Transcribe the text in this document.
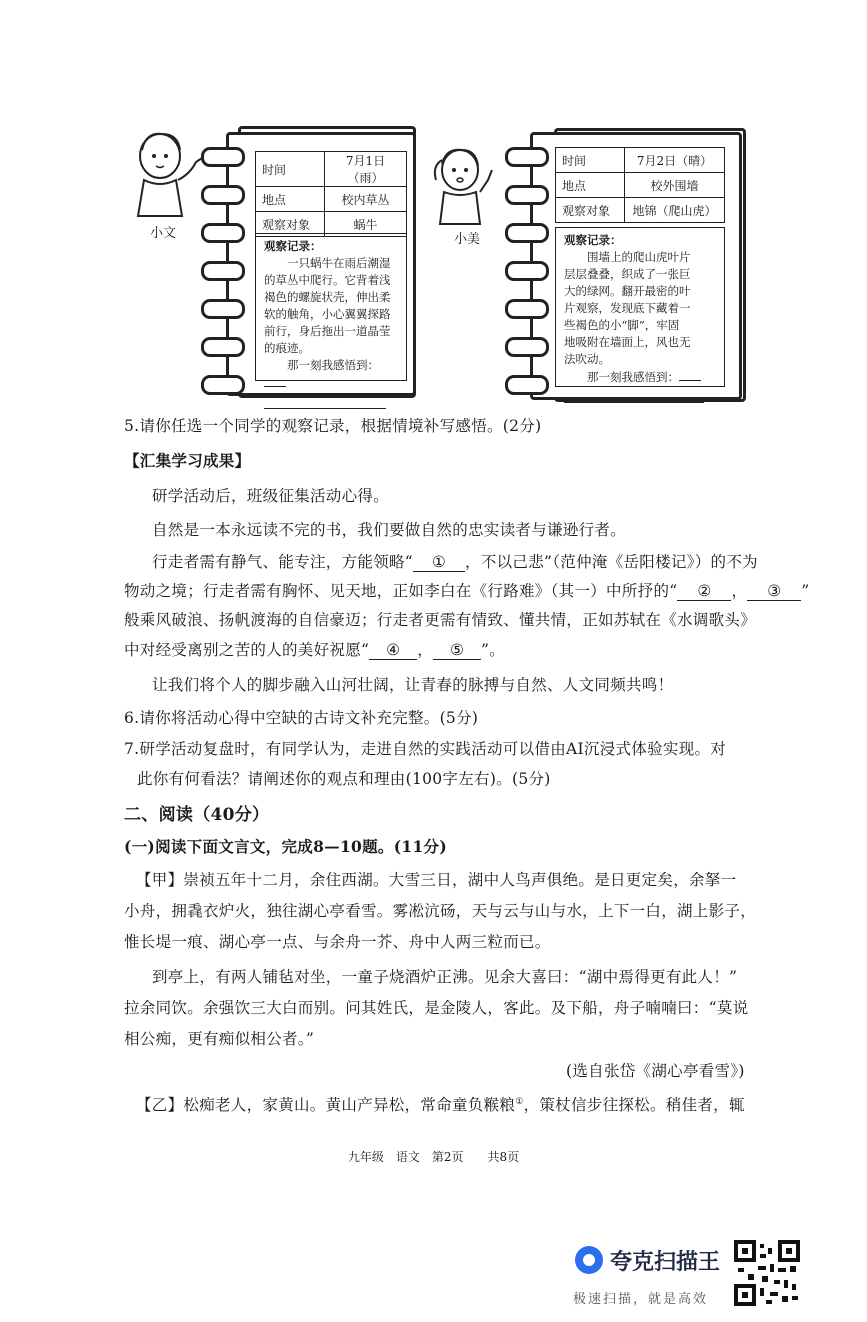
小文
时间	7月1日（雨）
地点	校内草丛
观察对象	蜗牛
观察记录：
一只蜗牛在雨后潮湿
的草丛中爬行。它背着浅
褐色的螺旋状壳，伸出柔
软的触角，小心翼翼探路
前行，身后拖出一道晶莹
的痕迹。
那一刻我感悟到：
小美
时间	7月2日（晴）
地点	校外围墙
观察对象	地锦（爬山虎）
观察记录：
围墙上的爬山虎叶片
层层叠叠，织成了一张巨
大的绿网。翻开最密的叶
片观察，发现底下藏着一
些褐色的小“脚”，牢固
地吸附在墙面上，风也无
法吹动。
那一刻我感悟到：
5.请你任选一个同学的观察记录，根据情境补写感悟。(2分)
【汇集学习成果】
研学活动后，班级征集活动心得。
自然是一本永远读不完的书，我们要做自然的忠实读者与谦逊行者。
行走者需有静气、能专注，方能领略“ ① ，不以己悲”（范仲淹《岳阳楼记》）的不为
物动之境；行走者需有胸怀、见天地，正如李白在《行路难》（其一）中所抒的“ ② ， ③ ”
般乘风破浪、扬帆渡海的自信豪迈；行走者更需有情致、懂共情，正如苏轼在《水调歌头》
中对经受离别之苦的人的美好祝愿“ ④ ， ⑤ ”。
让我们将个人的脚步融入山河壮阔，让青春的脉搏与自然、人文同频共鸣！
6.请你将活动心得中空缺的古诗文补充完整。(5分)
7.研学活动复盘时，有同学认为，走进自然的实践活动可以借由AI沉浸式体验实现。对
此你有何看法？请阐述你的观点和理由(100字左右)。(5分)
二、阅读（40分）
(一)阅读下面文言文，完成8—10题。(11分)
【甲】崇祯五年十二月，余住西湖。大雪三日，湖中人鸟声俱绝。是日更定矣，余拏一
小舟，拥毳衣炉火，独往湖心亭看雪。雾凇沆砀，天与云与山与水，上下一白，湖上影子，
惟长堤一痕、湖心亭一点、与余舟一芥、舟中人两三粒而已。
到亭上，有两人铺毡对坐，一童子烧酒炉正沸。见余大喜曰：“湖中焉得更有此人！”
拉余同饮。余强饮三大白而别。问其姓氏，是金陵人，客此。及下船，舟子喃喃曰：“莫说
相公痴，更有痴似相公者。”
(选自张岱《湖心亭看雪》)
【乙】松痴老人，家黄山。黄山产异松，常命童负糇粮①，策杖信步往探松。稍佳者，辄
九年级　语文　第2页　　共8页
夸克扫描王
极速扫描，就是高效
